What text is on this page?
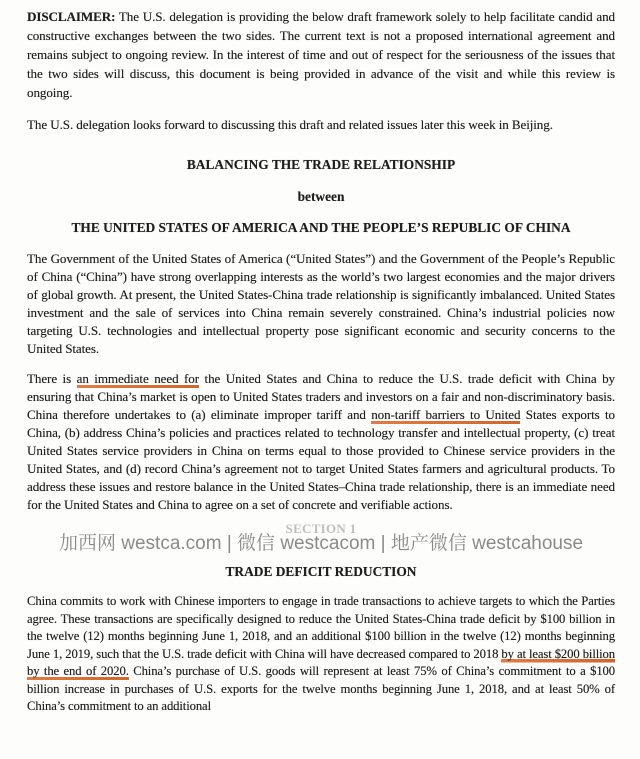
DISCLAIMER: The U.S. delegation is providing the below draft framework solely to help facilitate candid and constructive exchanges between the two sides. The current text is not a proposed international agreement and remains subject to ongoing review. In the interest of time and out of respect for the seriousness of the issues that the two sides will discuss, this document is being provided in advance of the visit and while this review is ongoing.

The U.S. delegation looks forward to discussing this draft and related issues later this week in Beijing.

BALANCING THE TRADE RELATIONSHIP
between
THE UNITED STATES OF AMERICA AND THE PEOPLE’S REPUBLIC OF CHINA

The Government of the United States of America (“United States”) and the Government of the People’s Republic of China (“China”) have strong overlapping interests as the world’s two largest economies and the major drivers of global growth. At present, the United States-China trade relationship is significantly imbalanced. United States investment and the sale of services into China remain severely constrained. China’s industrial policies now targeting U.S. technologies and intellectual property pose significant economic and security concerns to the United States.

There is an immediate need for the United States and China to reduce the U.S. trade deficit with China by ensuring that China’s market is open to United States traders and investors on a fair and non-discriminatory basis. China therefore undertakes to (a) eliminate improper tariff and non-tariff barriers to United States exports to China, (b) address China’s policies and practices related to technology transfer and intellectual property, (c) treat United States service providers in China on terms equal to those provided to Chinese service providers in the United States, and (d) record China’s agreement not to target United States farmers and agricultural products. To address these issues and restore balance in the United States–China trade relationship, there is an immediate need for the United States and China to agree on a set of concrete and verifiable actions.

SECTION 1
加西网 westca.com | 微信 westcacom | 地产微信 westcahouse
TRADE DEFICIT REDUCTION

China commits to work with Chinese importers to engage in trade transactions to achieve targets to which the Parties agree. These transactions are specifically designed to reduce the United States-China trade deficit by $100 billion in the twelve (12) months beginning June 1, 2018, and an additional $100 billion in the twelve (12) months beginning June 1, 2019, such that the U.S. trade deficit with China will have decreased compared to 2018 by at least $200 billion by the end of 2020. China’s purchase of U.S. goods will represent at least 75% of China’s commitment to a $100 billion increase in purchases of U.S. exports for the twelve months beginning June 1, 2018, and at least 50% of China’s commitment to an additional
